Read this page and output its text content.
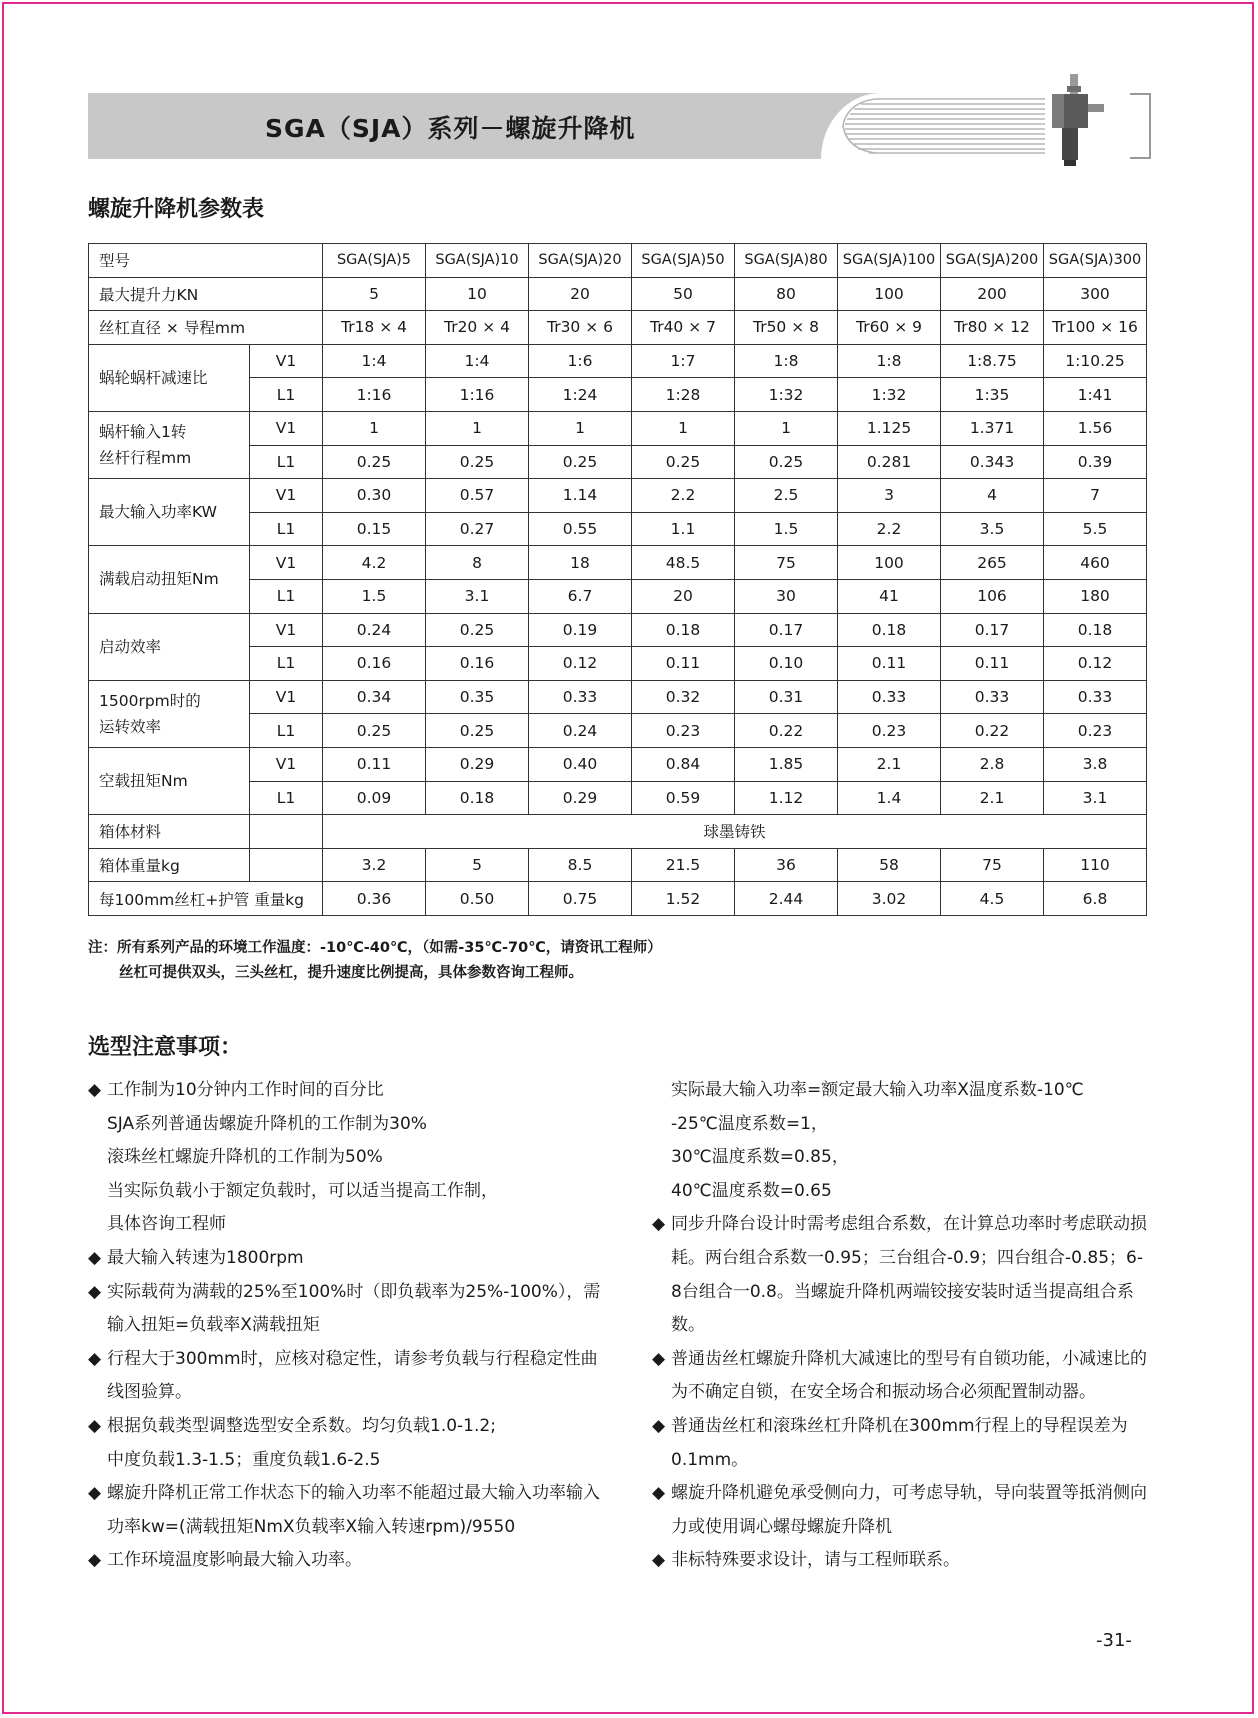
SGA（SJA）系列－螺旋升降机
螺旋升降机参数表
型号		SGA(SJA)5	SGA(SJA)10	SGA(SJA)20	SGA(SJA)50	SGA(SJA)80	SGA(SJA)100	SGA(SJA)200	SGA(SJA)300
最大提升力KN		5	10	20	50	80	100	200	300
丝杠直径 × 导程mm		Tr18 × 4	Tr20 × 4	Tr30 × 6	Tr40 × 7	Tr50 × 8	Tr60 × 9	Tr80 × 12	Tr100 × 16
蜗轮蜗杆减速比	V1	1:4	1:4	1:6	1:7	1:8	1:8	1:8.75	1:10.25
	L1	1:16	1:16	1:24	1:28	1:32	1:32	1:35	1:41
蜗杆输入1转
丝杆行程mm	V1	1	1	1	1	1	1.125	1.371	1.56
	L1	0.25	0.25	0.25	0.25	0.25	0.281	0.343	0.39
最大输入功率KW	V1	0.30	0.57	1.14	2.2	2.5	3	4	7
	L1	0.15	0.27	0.55	1.1	1.5	2.2	3.5	5.5
满载启动扭矩Nm	V1	4.2	8	18	48.5	75	100	265	460
	L1	1.5	3.1	6.7	20	30	41	106	180
启动效率	V1	0.24	0.25	0.19	0.18	0.17	0.18	0.17	0.18
	L1	0.16	0.16	0.12	0.11	0.10	0.11	0.11	0.12
1500rpm时的
运转效率	V1	0.34	0.35	0.33	0.32	0.31	0.33	0.33	0.33
	L1	0.25	0.25	0.24	0.23	0.22	0.23	0.22	0.23
空载扭矩Nm	V1	0.11	0.29	0.40	0.84	1.85	2.1	2.8	3.8
	L1	0.09	0.18	0.29	0.59	1.12	1.4	2.1	3.1
箱体材料		球墨铸铁							
箱体重量kg		3.2	5	8.5	21.5	36	58	75	110
每100mm丝杠+护管 重量kg		0.36	0.50	0.75	1.52	2.44	3.02	4.5	6.8
注：所有系列产品的环境工作温度：-10℃-40℃，（如需-35℃-70℃，请资讯工程师）
丝杠可提供双头，三头丝杠，提升速度比例提高，具体参数咨询工程师。
选型注意事项：
◆ 工作制为10分钟内工作时间的百分比
SJA系列普通齿螺旋升降机的工作制为30%
滚珠丝杠螺旋升降机的工作制为50%
当实际负载小于额定负载时，可以适当提高工作制，
具体咨询工程师
◆ 最大输入转速为1800rpm
◆ 实际载荷为满载的25%至100%时（即负载率为25%-100%），需输入扭矩=负载率X满载扭矩
◆ 行程大于300mm时，应核对稳定性，请参考负载与行程稳定性曲线图验算。
◆ 根据负载类型调整选型安全系数。均匀负载1.0-1.2;
中度负载1.3-1.5；重度负载1.6-2.5
◆ 螺旋升降机正常工作状态下的输入功率不能超过最大输入功率输入功率kw=(满载扭矩NmX负载率X输入转速rpm)/9550
◆ 工作环境温度影响最大输入功率。
实际最大输入功率=额定最大输入功率X温度系数-10℃
-25℃温度系数=1，
30℃温度系数=0.85，
40℃温度系数=0.65
◆ 同步升降台设计时需考虑组合系数，在计算总功率时考虑联动损耗。两台组合系数一0.95；三台组合-0.9；四台组合-0.85；6-8台组合一0.8。当螺旋升降机两端铰接安装时适当提高组合系数。
◆ 普通齿丝杠螺旋升降机大减速比的型号有自锁功能，小减速比的为不确定自锁，在安全场合和振动场合必须配置制动器。
◆ 普通齿丝杠和滚珠丝杠升降机在300mm行程上的导程误差为0.1mm。
◆ 螺旋升降机避免承受侧向力，可考虑导轨，导向装置等抵消侧向力或使用调心螺母螺旋升降机
◆ 非标特殊要求设计，请与工程师联系。
-31-
